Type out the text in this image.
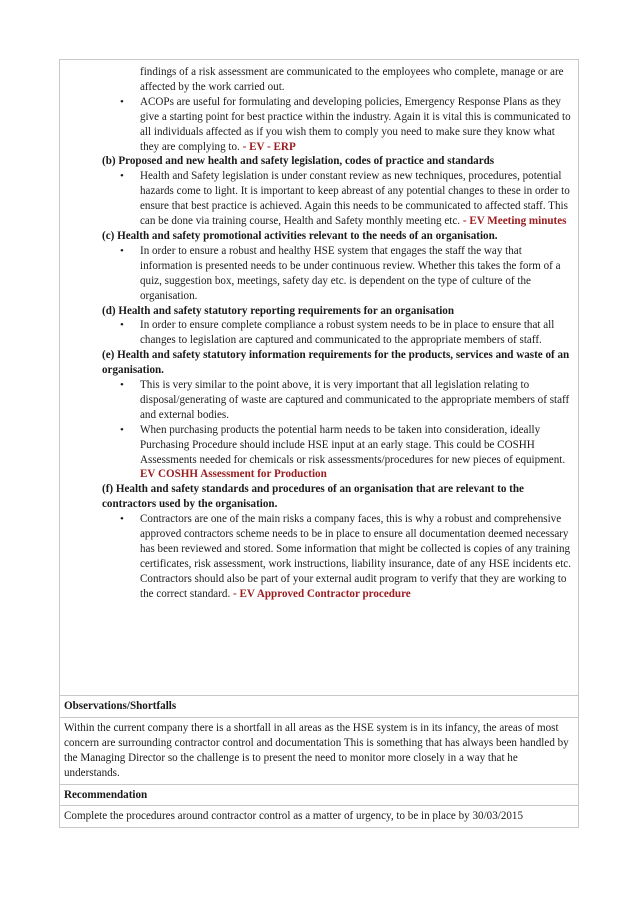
findings of a risk assessment are communicated to the employees who complete, manage or are affected by the work carried out.
• ACOPs are useful for formulating and developing policies, Emergency Response Plans as they give a starting point for best practice within the industry. Again it is vital this is communicated to all individuals affected as if you wish them to comply you need to make sure they know what they are complying to. - EV - ERP

(b) Proposed and new health and safety legislation, codes of practice and standards

• Health and Safety legislation is under constant review as new techniques, procedures, potential hazards come to light. It is important to keep abreast of any potential changes to these in order to ensure that best practice is achieved. Again this needs to be communicated to affected staff. This can be done via training course, Health and Safety monthly meeting etc. - EV Meeting minutes

(c) Health and safety promotional activities relevant to the needs of an organisation.

• In order to ensure a robust and healthy HSE system that engages the staff the way that information is presented needs to be under continuous review. Whether this takes the form of a quiz, suggestion box, meetings, safety day etc. is dependent on the type of culture of the organisation.

(d) Health and safety statutory reporting requirements for an organisation

• In order to ensure complete compliance a robust system needs to be in place to ensure that all changes to legislation are captured and communicated to the appropriate members of staff.

(e) Health and safety statutory information requirements for the products, services and waste of an organisation.

• This is very similar to the point above, it is very important that all legislation relating to disposal/generating of waste are captured and communicated to the appropriate members of staff and external bodies.
• When purchasing products the potential harm needs to be taken into consideration, ideally Purchasing Procedure should include HSE input at an early stage. This could be COSHH Assessments needed for chemicals or risk assessments/procedures for new pieces of equipment. EV COSHH Assessment for Production

(f) Health and safety standards and procedures of an organisation that are relevant to the contractors used by the organisation.

• Contractors are one of the main risks a company faces, this is why a robust and comprehensive approved contractors scheme needs to be in place to ensure all documentation deemed necessary has been reviewed and stored. Some information that might be collected is copies of any training certificates, risk assessment, work instructions, liability insurance, date of any HSE incidents etc. Contractors should also be part of your external audit program to verify that they are working to the correct standard. - EV Approved Contractor procedure
Observations/Shortfalls
Within the current company there is a shortfall in all areas as the HSE system is in its infancy, the areas of most concern are surrounding contractor control and documentation This is something that has always been handled by the Managing Director so the challenge is to present the need to monitor more closely in a way that he understands.
Recommendation
Complete the procedures around contractor control as a matter of urgency, to be in place by 30/03/2015
